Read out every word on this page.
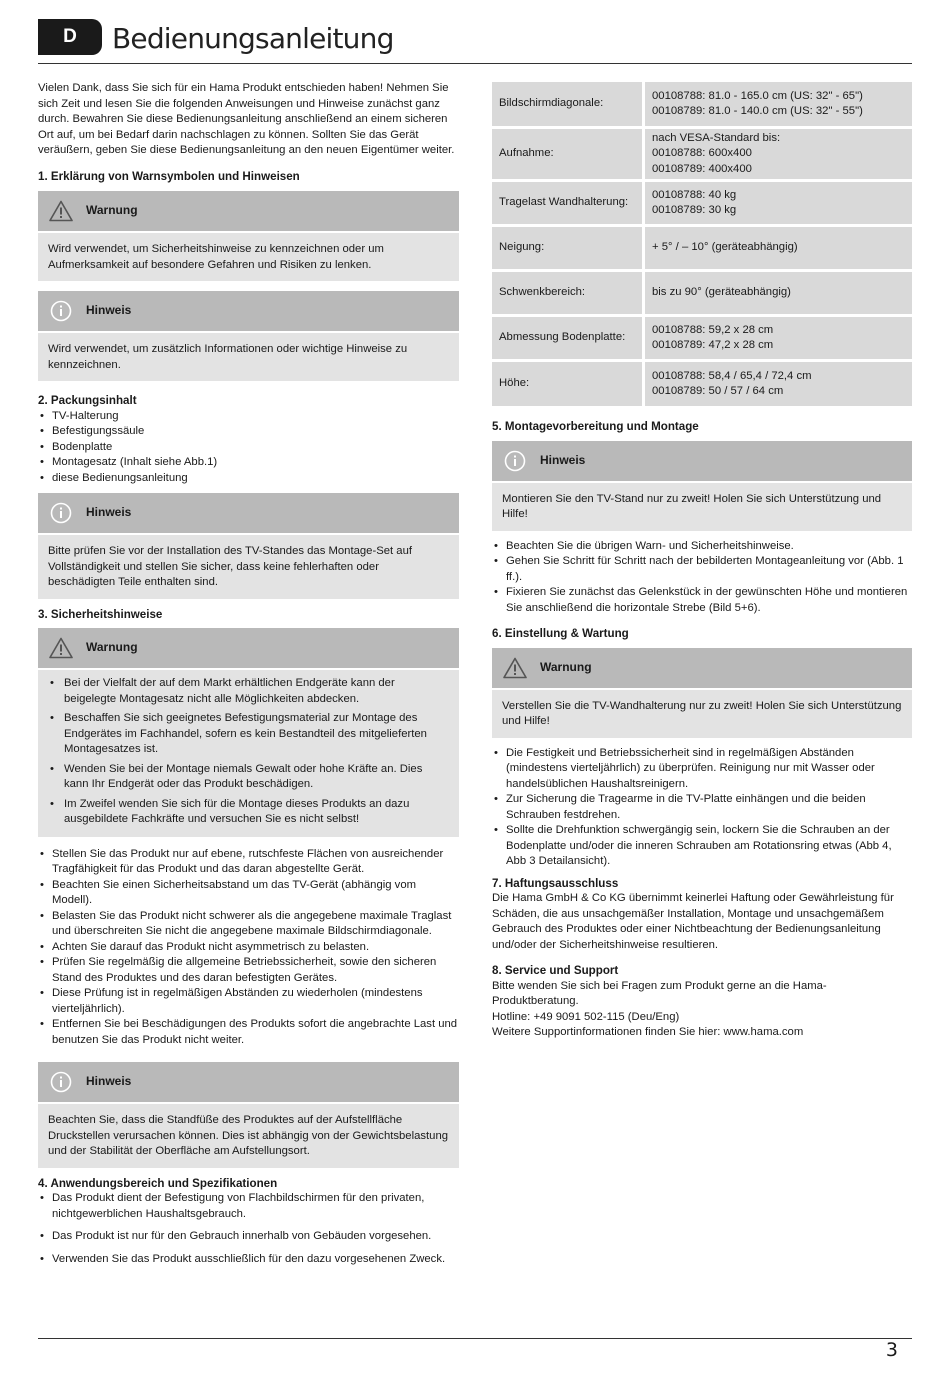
D	Bedienungsanleitung

Vielen Dank, dass Sie sich für ein Hama Produkt entschieden haben! Nehmen Sie sich Zeit und lesen Sie die folgenden Anweisungen und Hinweise zunächst ganz durch. Bewahren Sie diese Bedienungsanleitung anschließend an einem sicheren Ort auf, um bei Bedarf darin nachschlagen zu können. Sollten Sie das Gerät veräußern, geben Sie diese Bedienungsanleitung an den neuen Eigentümer weiter.

1. Erklärung von Warnsymbolen und Hinweisen
Warnung
Wird verwendet, um Sicherheitshinweise zu kennzeichnen oder um Aufmerksamkeit auf besondere Gefahren und Risiken zu lenken.
Hinweis
Wird verwendet, um zusätzlich Informationen oder wichtige Hinweise zu kennzeichnen.
2. Packungsinhalt
• TV-Halterung
• Befestigungssäule
• Bodenplatte
• Montagesatz (Inhalt siehe Abb.1)
• diese Bedienungsanleitung
Hinweis
Bitte prüfen Sie vor der Installation des TV-Standes das Montage-Set auf Vollständigkeit und stellen Sie sicher, dass keine fehlerhaften oder beschädigten Teile enthalten sind.
3. Sicherheitshinweise
Warnung
• Bei der Vielfalt der auf dem Markt erhältlichen Endgeräte kann der beigelegte Montagesatz nicht alle Möglichkeiten abdecken.
• Beschaffen Sie sich geeignetes Befestigungsmaterial zur Montage des Endgerätes im Fachhandel, sofern es kein Bestandteil des mitgelieferten Montagesatzes ist.
• Wenden Sie bei der Montage niemals Gewalt oder hohe Kräfte an. Dies kann Ihr Endgerät oder das Produkt beschädigen.
• Im Zweifel wenden Sie sich für die Montage dieses Produkts an dazu ausgebildete Fachkräfte und versuchen Sie es nicht selbst!
• Stellen Sie das Produkt nur auf ebene, rutschfeste Flächen von ausreichender Tragfähigkeit für das Produkt und das daran abgestellte Gerät.
• Beachten Sie einen Sicherheitsabstand um das TV-Gerät (abhängig vom Modell).
• Belasten Sie das Produkt nicht schwerer als die angegebene maximale Traglast und überschreiten Sie nicht die angegebene maximale Bildschirmdiagonale.
• Achten Sie darauf das Produkt nicht asymmetrisch zu belasten.
• Prüfen Sie regelmäßig die allgemeine Betriebssicherheit, sowie den sicheren Stand des Produktes und des daran befestigten Gerätes.
• Diese Prüfung ist in regelmäßigen Abständen zu wiederholen (mindestens vierteljährlich).
• Entfernen Sie bei Beschädigungen des Produkts sofort die angebrachte Last und benutzen Sie das Produkt nicht weiter.
Hinweis
Beachten Sie, dass die Standfüße des Produktes auf der Aufstellfläche Druckstellen verursachen können. Dies ist abhängig von der Gewichtsbelastung und der Stabilität der Oberfläche am Aufstellungsort.
4. Anwendungsbereich und Spezifikationen
• Das Produkt dient der Befestigung von Flachbildschirmen für den privaten, nichtgewerblichen Haushaltsgebrauch.
• Das Produkt ist nur für den Gebrauch innerhalb von Gebäuden vorgesehen.
• Verwenden Sie das Produkt ausschließlich für den dazu vorgesehenen Zweck.
Bildschirmdiagonale:	00108788: 81.0 - 165.0 cm (US: 32" - 65")
00108789: 81.0 - 140.0 cm (US: 32" - 55")

Aufnahme:	nach VESA-Standard bis:
00108788: 600x400
00108789: 400x400

Tragelast Wandhalterung:	00108788: 40 kg
00108789: 30 kg

Neigung:	+ 5° / – 10° (geräteabhängig)

Schwenkbereich:	bis zu 90° (geräteabhängig)

Abmessung Bodenplatte:	00108788: 59,2 x 28 cm
00108789: 47,2 x 28 cm

Höhe:	00108788: 58,4 / 65,4 / 72,4 cm
00108789: 50 / 57 / 64 cm
5. Montagevorbereitung und Montage
Hinweis
Montieren Sie den TV-Stand nur zu zweit! Holen Sie sich Unterstützung und Hilfe!
• Beachten Sie die übrigen Warn- und Sicherheitshinweise.
• Gehen Sie Schritt für Schritt nach der bebilderten Montageanleitung vor (Abb. 1 ff.).
• Fixieren Sie zunächst das Gelenkstück in der gewünschten Höhe und montieren Sie anschließend die horizontale Strebe (Bild 5+6).
6. Einstellung & Wartung
Warnung
Verstellen Sie die TV-Wandhalterung nur zu zweit! Holen Sie sich Unterstützung und Hilfe!
• Die Festigkeit und Betriebssicherheit sind in regelmäßigen Abständen (mindestens vierteljährlich) zu überprüfen. Reinigung nur mit Wasser oder handelsüblichen Haushaltsreinigern.
• Zur Sicherung die Tragearme in die TV-Platte einhängen und die beiden Schrauben festdrehen.
• Sollte die Drehfunktion schwergängig sein, lockern Sie die Schrauben an der Bodenplatte und/oder die inneren Schrauben am Rotationsring etwas (Abb 4, Abb 3 Detailansicht).
7. Haftungsausschluss

Die Hama GmbH & Co KG übernimmt keinerlei Haftung oder Gewährleistung für Schäden, die aus unsachgemäßer Installation, Montage und unsachgemäßem Gebrauch des Produktes oder einer Nichtbeachtung der Bedienungsanleitung und/oder der Sicherheitshinweise resultieren.

8. Service und Support

Bitte wenden Sie sich bei Fragen zum Produkt gerne an die Hama-Produktberatung.

Hotline: +49 9091 502-115 (Deu/Eng)

Weitere Supportinformationen finden Sie hier: www.hama.com

3
